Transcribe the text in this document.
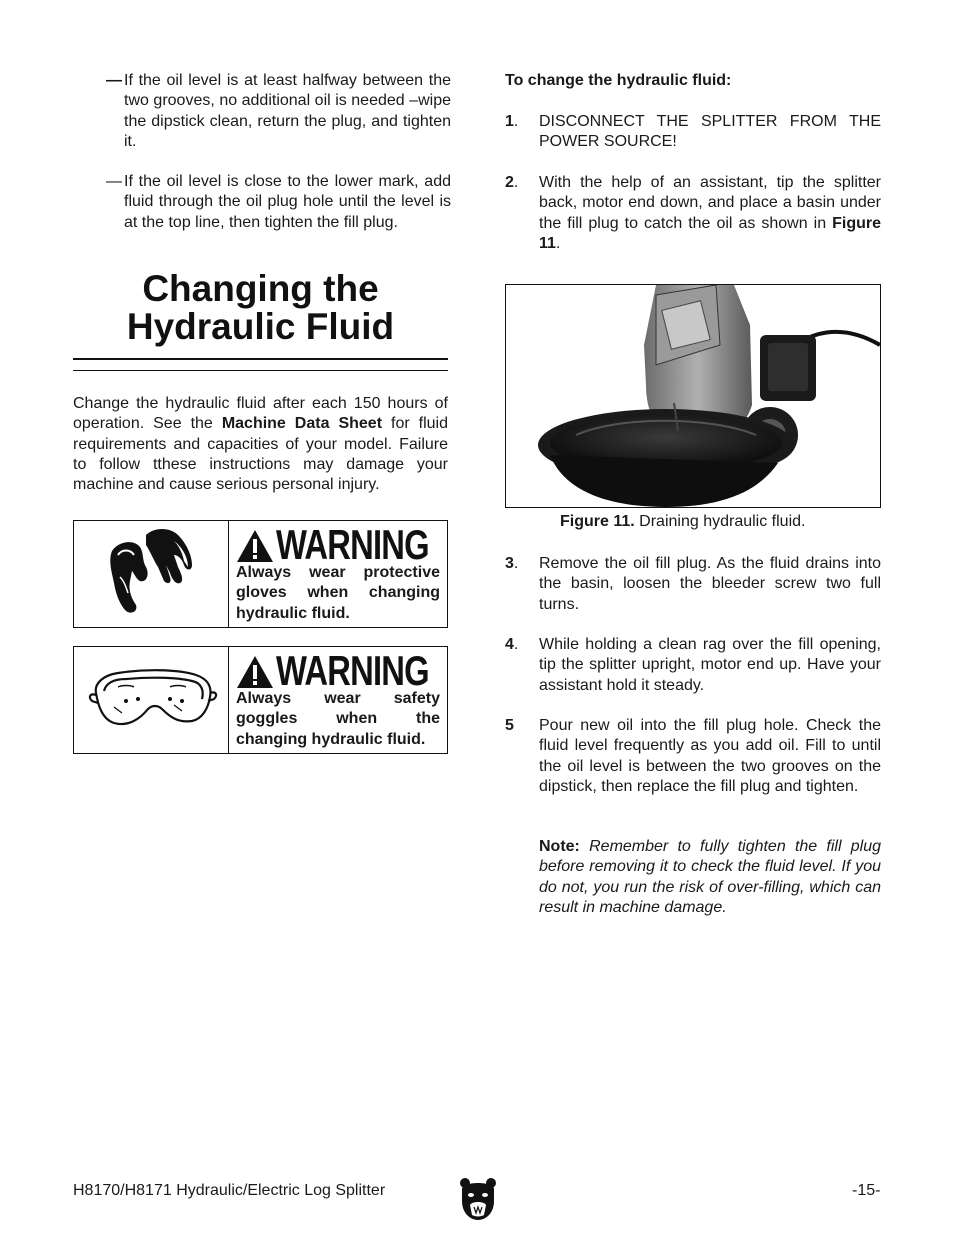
— If the oil level is at least halfway between the two grooves, no additional oil is needed –wipe the dipstick clean, return the plug, and tighten it.
— If the oil level is close to the lower mark, add fluid through the oil plug hole until the level is at the top line, then tighten the fill plug.
Changing the
Hydraulic Fluid
Change the hydraulic fluid after each 150 hours of operation. See the Machine Data Sheet for fluid requirements and capacities of your model. Failure to follow tthese instructions may damage your machine and cause serious personal injury.
WARNING
Always wear protective gloves when changing hydraulic fluid.
WARNING
Always wear safety goggles when the changing hydraulic fluid.
To change the hydraulic fluid:
1. DISCONNECT THE SPLITTER FROM THE POWER SOURCE!
2. With the help of an assistant, tip the splitter back, motor end down, and place a basin under the fill plug to catch the oil as shown in Figure 11.
Figure 11. Draining hydraulic fluid.
3. Remove the oil fill plug. As the fluid drains into the basin, loosen the bleeder screw two full turns.
4. While holding a clean rag over the fill opening, tip the splitter upright, motor end up. Have your assistant hold it steady.
5 Pour new oil into the fill plug hole. Check the fluid level frequently as you add oil. Fill to until the oil level is between the two grooves on the dipstick, then replace the fill plug and tighten.
Note: Remember to fully tighten the fill plug before removing it to check the fluid level. If you do not, you run the risk of over-filling, which can result in machine damage.
H8170/H8171 Hydraulic/Electric Log Splitter	-15-
